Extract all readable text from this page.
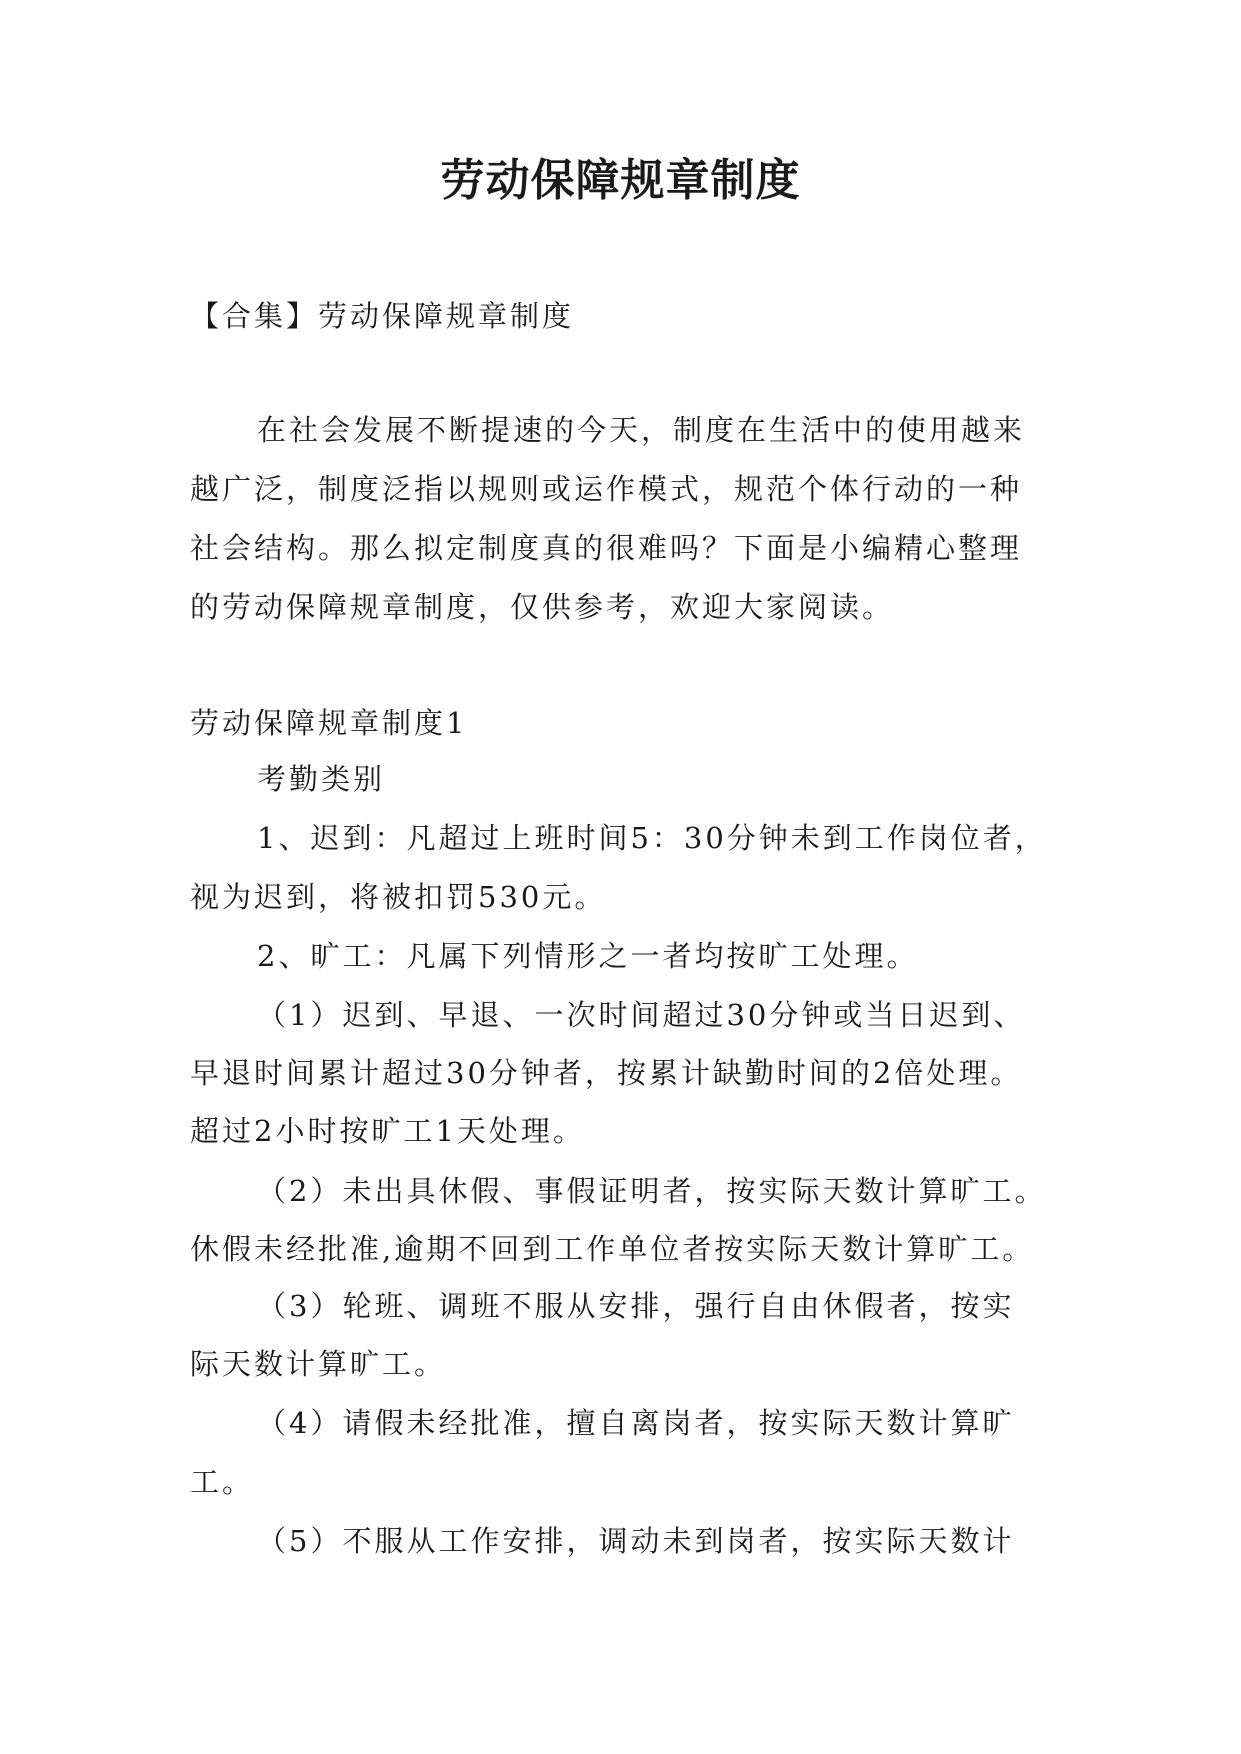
劳动保障规章制度
【合集】劳动保障规章制度
在社会发展不断提速的今天，制度在生活中的使用越来
越广泛，制度泛指以规则或运作模式，规范个体行动的一种
社会结构。那么拟定制度真的很难吗？下面是小编精心整理
的劳动保障规章制度，仅供参考，欢迎大家阅读。
劳动保障规章制度1
考勤类别
1、迟到：凡超过上班时间5：30分钟未到工作岗位者，
视为迟到，将被扣罚530元。
2、旷工：凡属下列情形之一者均按旷工处理。
（1）迟到、早退、一次时间超过30分钟或当日迟到、
早退时间累计超过30分钟者，按累计缺勤时间的2倍处理。
超过2小时按旷工1天处理。
（2）未出具休假、事假证明者，按实际天数计算旷工。
休假未经批准,逾期不回到工作单位者按实际天数计算旷工。
（3）轮班、调班不服从安排，强行自由休假者，按实
际天数计算旷工。
（4）请假未经批准，擅自离岗者，按实际天数计算旷
工。
（5）不服从工作安排，调动未到岗者，按实际天数计
